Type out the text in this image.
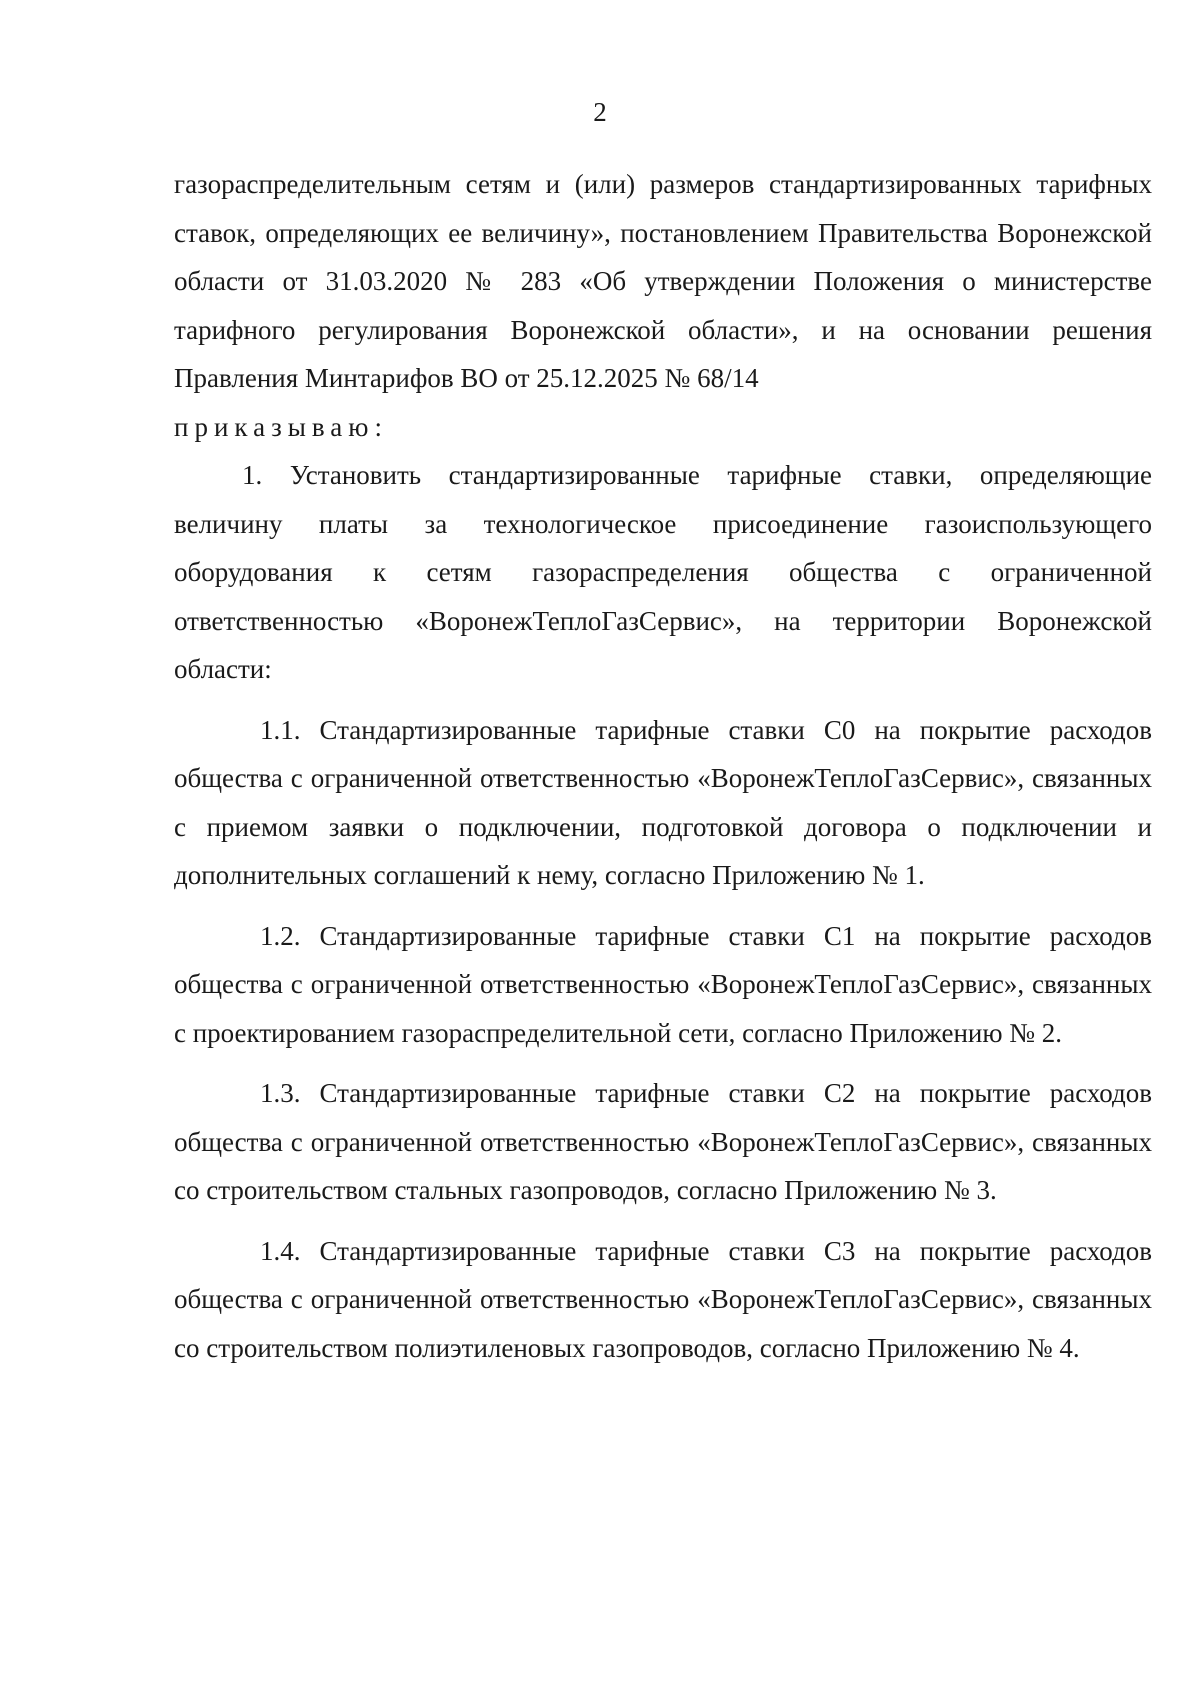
2

газораспределительным сетям и (или) размеров стандартизированных тарифных ставок, определяющих ее величину», постановлением Правительства Воронежской области от 31.03.2020 № 283 «Об утверждении Положения о министерстве тарифного регулирования Воронежской области», и на основании решения Правления Минтарифов ВО от 25.12.2025 № 68/14

приказываю:

1. Установить стандартизированные тарифные ставки, определяющие величину платы за технологическое присоединение газоиспользующего оборудования к сетям газораспределения общества с ограниченной ответственностью «ВоронежТеплоГазСервис», на территории Воронежской области:

1.1. Стандартизированные тарифные ставки С0 на покрытие расходов общества с ограниченной ответственностью «ВоронежТеплоГазСервис», связанных с приемом заявки о подключении, подготовкой договора о подключении и дополнительных соглашений к нему, согласно Приложению № 1.

1.2. Стандартизированные тарифные ставки С1 на покрытие расходов общества с ограниченной ответственностью «ВоронежТеплоГазСервис», связанных с проектированием газораспределительной сети, согласно Приложению № 2.

1.3. Стандартизированные тарифные ставки С2 на покрытие расходов общества с ограниченной ответственностью «ВоронежТеплоГазСервис», связанных со строительством стальных газопроводов, согласно Приложению № 3.

1.4. Стандартизированные тарифные ставки С3 на покрытие расходов общества с ограниченной ответственностью «ВоронежТеплоГазСервис», связанных со строительством полиэтиленовых газопроводов, согласно Приложению № 4.
